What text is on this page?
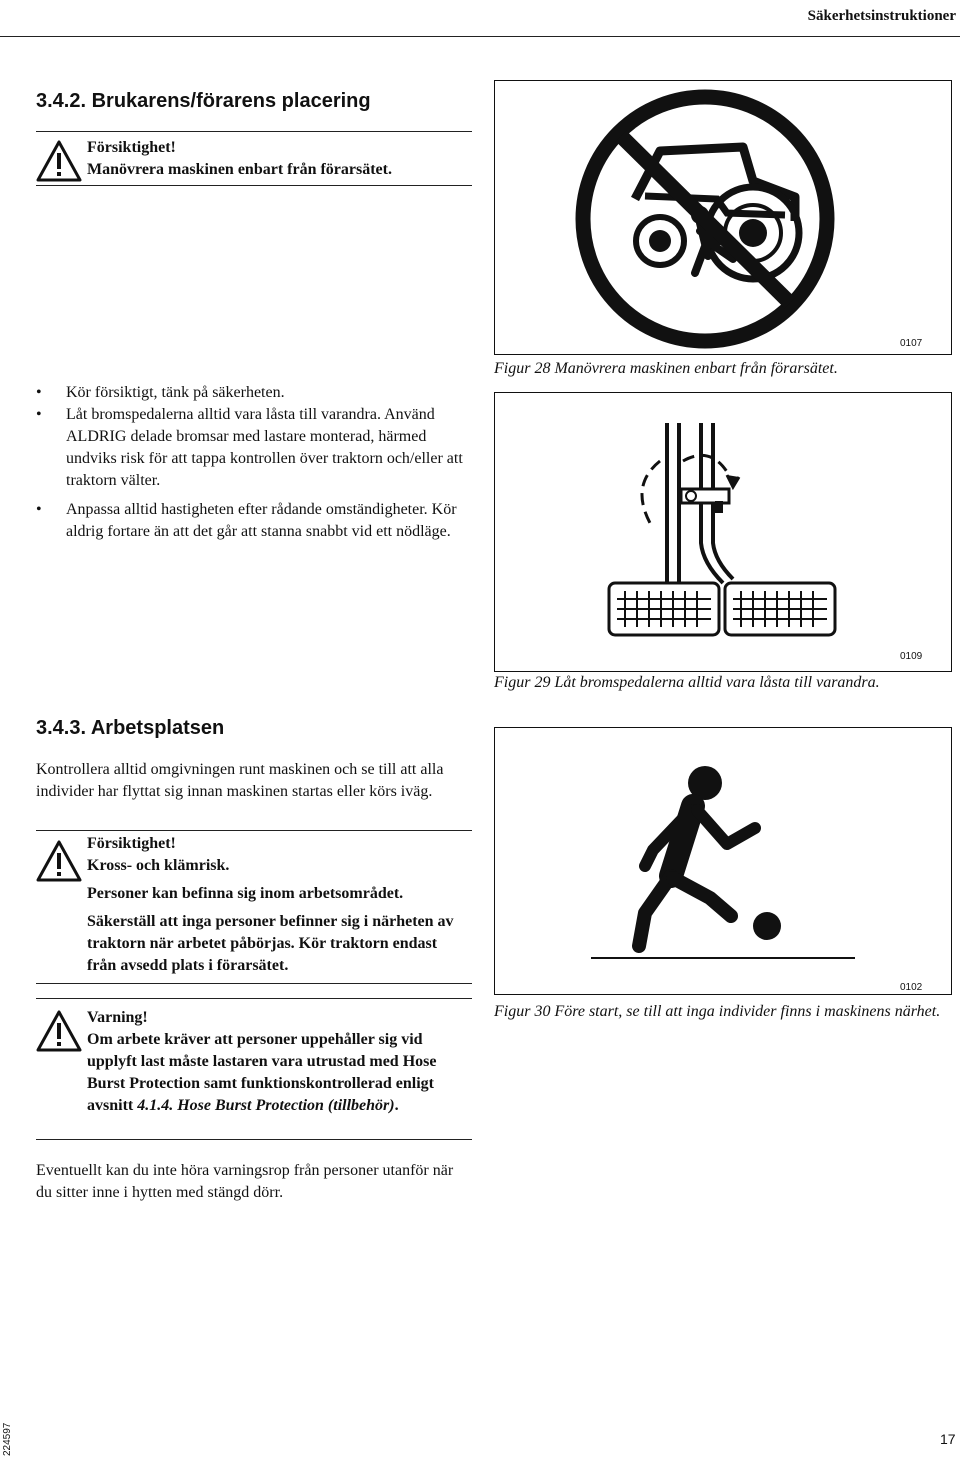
Säkerhetsinstruktioner
3.4.2. Brukarens/förarens placering

Försiktighet!

Manövrera maskinen enbart från förarsätet.

• Kör försiktigt, tänk på säkerheten.
• Låt bromspedalerna alltid vara låsta till varandra. Använd ALDRIG delade bromsar med lastare monterad, härmed undviks risk för att tappa kontrollen över traktorn och/eller att traktorn välter.
• Anpassa alltid hastigheten efter rådande omständigheter. Kör aldrig fortare än att det går att stanna snabbt vid ett nödläge.
3.4.3. Arbetsplatsen

Kontrollera alltid omgivningen runt maskinen och se till att alla individer har flyttat sig innan maskinen startas eller körs iväg.

Försiktighet!

Kross- och klämrisk.

Personer kan befinna sig inom arbetsområdet.

Säkerställ att inga personer befinner sig i närheten av traktorn när arbetet påbörjas. Kör traktorn endast från avsedd plats i förarsätet.

Varning!

Om arbete kräver att personer uppehåller sig vid upplyft last måste lastaren vara utrustad med Hose Burst Protection samt funktionskontrollerad enligt avsnitt 4.1.4. Hose Burst Protection (tillbehör).

Eventuellt kan du inte höra varningsrop från personer utanför när du sitter inne i hytten med stängd dörr.

0107
Figur 28 Manövrera maskinen enbart från förarsätet.
0109
Figur 29 Låt bromspedalerna alltid vara låsta till varandra.
0102
Figur 30 Före start, se till att inga individer finns i maskinens närhet.
224597	17
